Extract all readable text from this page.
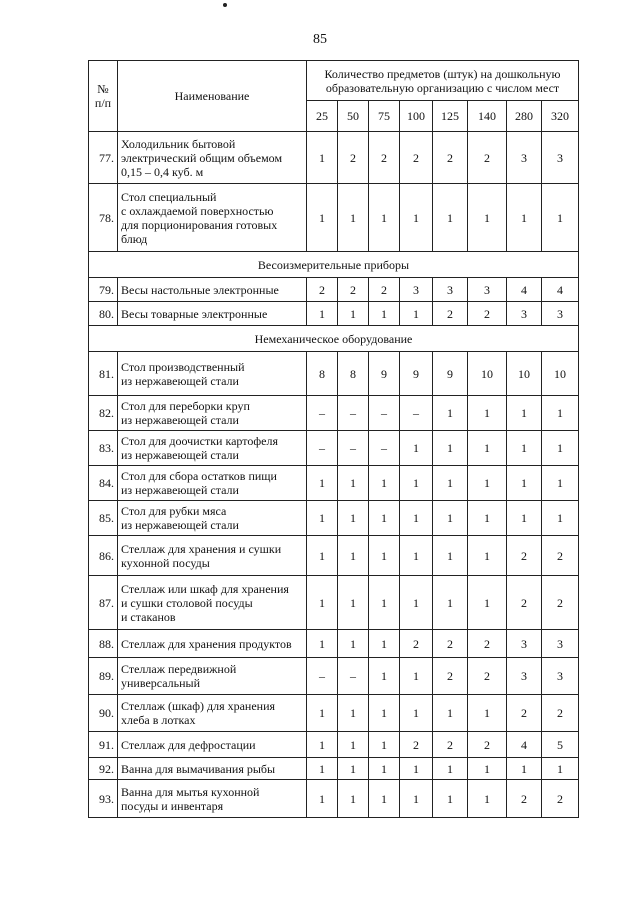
85
№
п/п	Наименование	Количество предметов (штук) на дошкольную образовательную организацию с числом мест							
		25	50	75	100	125	140	280	320
77.	Холодильник бытовой
электрический общим объемом
0,15 – 0,4 куб. м	1	2	2	2	2	2	3	3
78.	Стол специальный
с охлаждаемой поверхностью
для порционирования готовых
блюд	1	1	1	1	1	1	1	1
Весоизмерительные приборы									
79.	Весы настольные электронные	2	2	2	3	3	3	4	4
80.	Весы товарные электронные	1	1	1	1	2	2	3	3
Немеханическое оборудование									
81.	Стол производственный
из нержавеющей стали	8	8	9	9	9	10	10	10
82.	Стол для переборки круп
из нержавеющей стали	–	–	–	–	1	1	1	1
83.	Стол для доочистки картофеля
из нержавеющей стали	–	–	–	1	1	1	1	1
84.	Стол для сбора остатков пищи
из нержавеющей стали	1	1	1	1	1	1	1	1
85.	Стол для рубки мяса
из нержавеющей стали	1	1	1	1	1	1	1	1
86.	Стеллаж для хранения и сушки
кухонной посуды	1	1	1	1	1	1	2	2
87.	Стеллаж или шкаф для хранения
и сушки столовой посуды
и стаканов	1	1	1	1	1	1	2	2
88.	Стеллаж для хранения продуктов	1	1	1	2	2	2	3	3
89.	Стеллаж передвижной
универсальный	–	–	1	1	2	2	3	3
90.	Стеллаж (шкаф) для хранения
хлеба в лотках	1	1	1	1	1	1	2	2
91.	Стеллаж для дефростации	1	1	1	2	2	2	4	5
92.	Ванна для вымачивания рыбы	1	1	1	1	1	1	1	1
93.	Ванна для мытья кухонной
посуды и инвентаря	1	1	1	1	1	1	2	2
